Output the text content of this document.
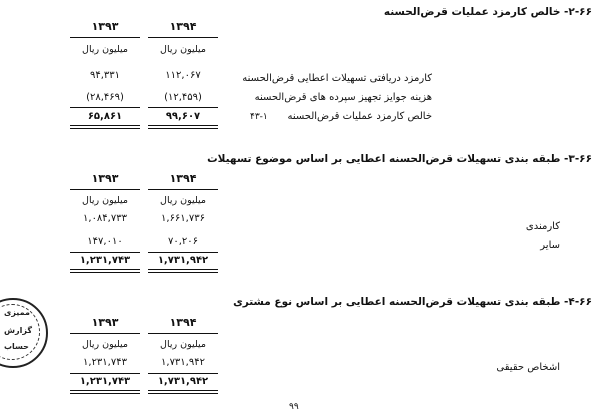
۲-۶۶- خالص کارمزد عملیات قرض‌الحسنه
۱۳۹۴
۱۳۹۳
میلیون ریال
میلیون ریال
کارمزد دریافتی تسهیلات اعطایی قرض‌الحسنه
۱۱۲,۰۶۷
۹۴,۳۳۱
هزینه جوایز تجهیز سپرده های قرض‌الحسنه
(۱۲,۴۵۹)
(۲۸,۴۶۹)
خالص کارمزد عملیات قرض‌الحسنه
۴۳-۱
۹۹,۶۰۷
۶۵,۸۶۱
۳-۶۶- طبقه بندی تسهیلات قرض‌الحسنه اعطایی بر اساس موضوع تسهیلات
۱۳۹۴
۱۳۹۳
میلیون ریال
میلیون ریال
کارمندی
۱,۶۶۱,۷۳۶
۱,۰۸۴,۷۳۳
سایر
۷۰,۲۰۶
۱۴۷,۰۱۰
۱,۷۳۱,۹۴۲
۱,۲۳۱,۷۴۳
۴-۶۶- طبقه بندی تسهیلات قرض‌الحسنه اعطایی بر اساس نوع مشتری
۱۳۹۴
۱۳۹۳
میلیون ریال
میلیون ریال
اشخاص حقیقی
۱,۷۳۱,۹۴۲
۱,۲۳۱,۷۴۳
۱,۷۳۱,۹۴۲
۱,۲۳۱,۷۴۳
۹۹
ممیزی
گزارش
حساب
